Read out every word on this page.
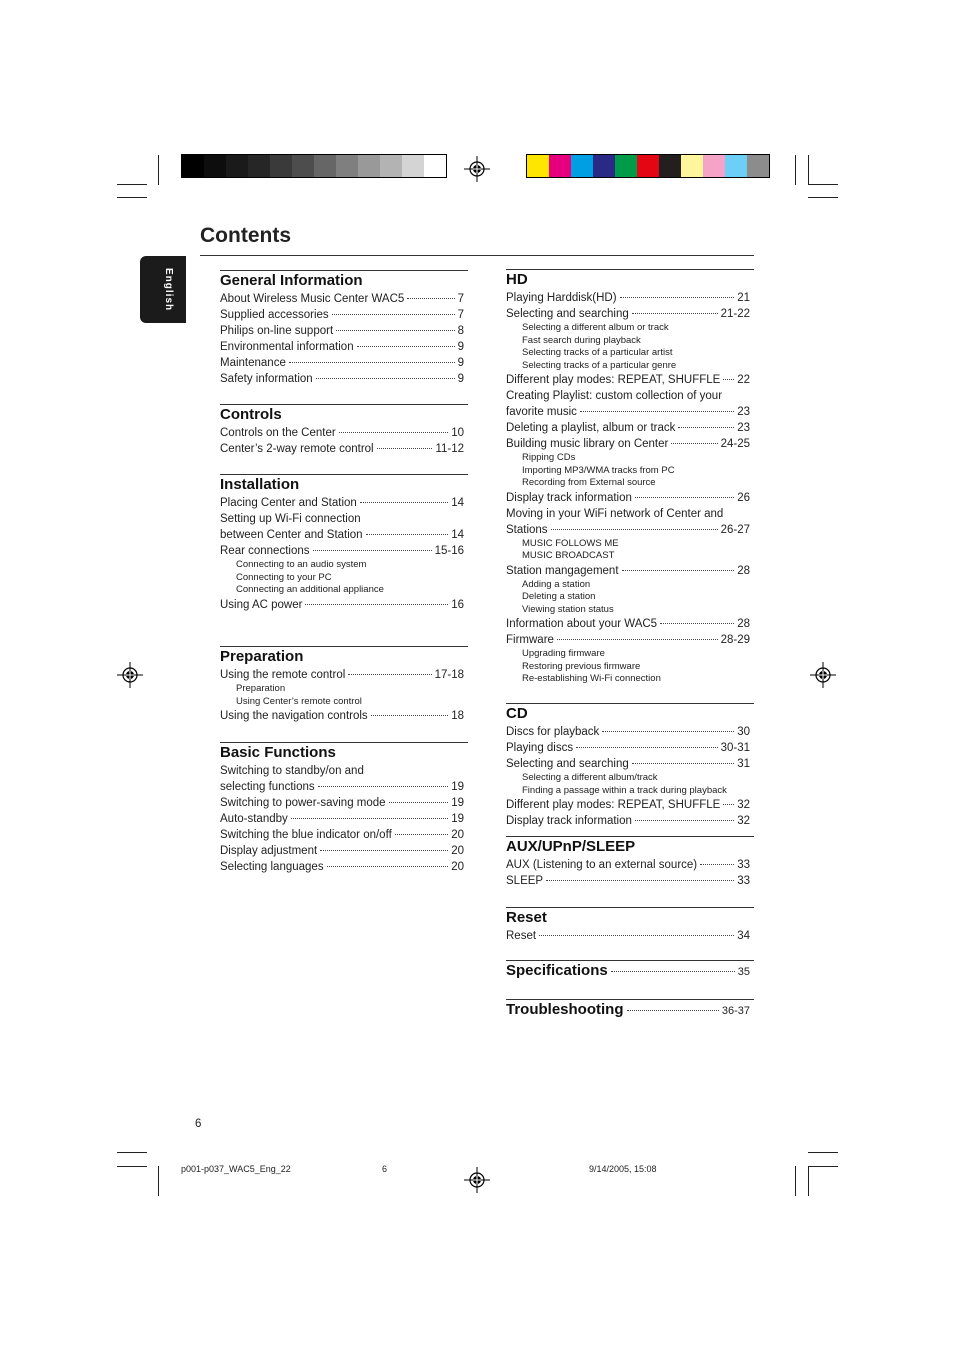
Contents
English	General Information
About Wireless Music Center WAC5	7
Supplied accessories	7
Philips on-line support	8
Environmental information	9
Maintenance	9
Safety information	9
Controls
Controls on the Center	10
Center’s 2-way remote control	11-12
Installation
Placing Center and Station	14
Setting up Wi-Fi connection
between Center and Station	14
Rear connections	15-16
Connecting to an audio system
Connecting to your PC
Connecting an additional appliance
Using AC power	16
Preparation
Using the remote control	17-18
Preparation
Using Center’s remote control
Using the navigation controls	18
Basic Functions
Switching to standby/on and
selecting functions	19
Switching to power-saving mode	19
Auto-standby	19
Switching the blue indicator on/off	20
Display adjustment	20
Selecting languages	20
HD
Playing Harddisk(HD)	21
Selecting and searching	21-22
Selecting a different album or track
Fast search during playback
Selecting tracks of a particular artist
Selecting tracks of a particular genre
Different play modes: REPEAT, SHUFFLE 22
Creating Playlist: custom collection of your
favorite music	23
Deleting a playlist, album or track	23
Building music library on Center	24-25
Ripping CDs
Importing MP3/WMA tracks from PC
Recording from External source
Display track information	26
Moving in your WiFi network of Center and
Stations	26-27
MUSIC FOLLOWS ME
MUSIC BROADCAST
Station mangagement	28
Adding a station
Deleting a station
Viewing station status
Information about your WAC5	28
Firmware	28-29
Upgrading firmware
Restoring previous firmware
Re-establishing Wi-Fi connection
CD
Discs for playback	30
Playing discs	30-31
Selecting and searching	31
Selecting a different album/track
Finding a passage within a track during playback
Different play modes: REPEAT, SHUFFLE 32
Display track information	32
AUX/UPnP/SLEEP
AUX (Listening to an external source)	33
SLEEP	33
Reset
Reset	34
Specifications	35
Troubleshooting	36-37
6
p001-p037_WAC5_Eng_22	6	9/14/2005, 15:08
